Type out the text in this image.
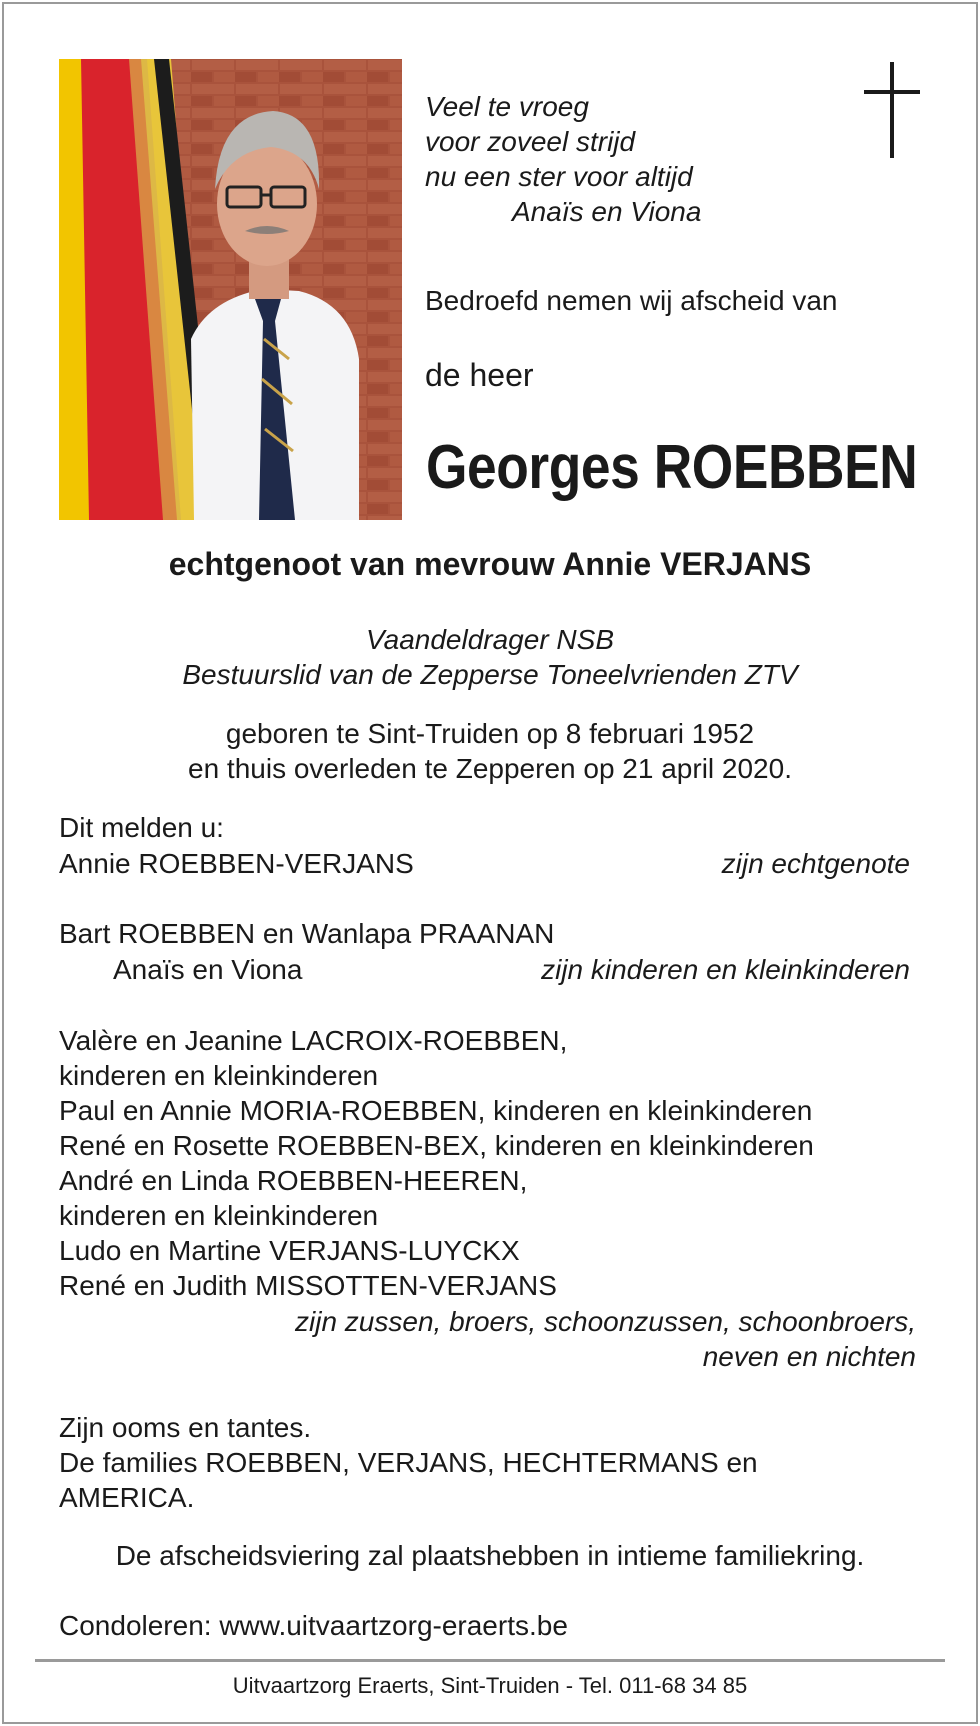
Veel te vroeg
voor zoveel strijd
nu een ster voor altijd
Anaïs en Viona
Bedroefd nemen wij afscheid van
de heer
Georges ROEBBEN
echtgenoot van mevrouw Annie VERJANS
Vaandeldrager NSB
Bestuurslid van de Zepperse Toneelvrienden ZTV
geboren te Sint-Truiden op 8 februari 1952
en thuis overleden te Zepperen op 21 april 2020.
Dit melden u:
Annie ROEBBEN-VERJANS	zijn echtgenote
Bart ROEBBEN en Wanlapa PRAANAN
Anaïs en Viona	zijn kinderen en kleinkinderen
Valère en Jeanine LACROIX-ROEBBEN,
kinderen en kleinkinderen
Paul en Annie MORIA-ROEBBEN, kinderen en kleinkinderen
René en Rosette ROEBBEN-BEX, kinderen en kleinkinderen
André en Linda ROEBBEN-HEEREN,
kinderen en kleinkinderen
Ludo en Martine VERJANS-LUYCKX
René en Judith MISSOTTEN-VERJANS
zijn zussen, broers, schoonzussen, schoonbroers,
neven en nichten
Zijn ooms en tantes.
De families ROEBBEN, VERJANS, HECHTERMANS en
AMERICA.
De afscheidsviering zal plaatshebben in intieme familiekring.
Condoleren: www.uitvaartzorg-eraerts.be
Uitvaartzorg Eraerts, Sint-Truiden - Tel. 011-68 34 85
